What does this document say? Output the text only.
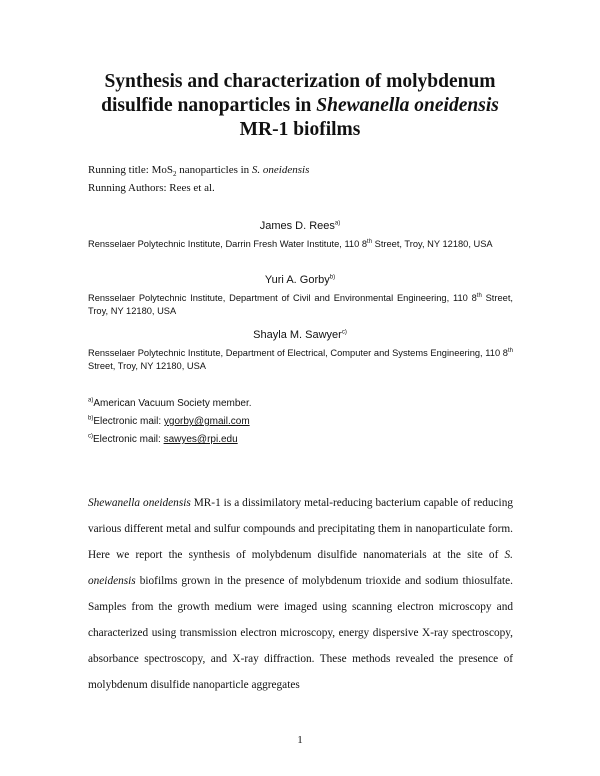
Synthesis and characterization of molybdenum
disulfide nanoparticles in Shewanella oneidensis
MR-1 biofilms
Running title: MoS$_2$ nanoparticles in S. oneidensis
Running Authors: Rees et al.
James D. Rees$^{a)}$
Rensselaer Polytechnic Institute, Darrin Fresh Water Institute, 110 8th Street, Troy, NY 12180, USA
Yuri A. Gorby$^{b)}$
Rensselaer Polytechnic Institute, Department of Civil and Environmental Engineering, 110 8th Street, Troy, NY 12180, USA
Shayla M. Sawyer$^{c)}$
Rensselaer Polytechnic Institute, Department of Electrical, Computer and Systems Engineering, 110 8th Street, Troy, NY 12180, USA
$^{a)}$American Vacuum Society member.
$^{b)}$Electronic mail: ygorby@gmail.com
$^{c)}$Electronic mail: sawyes@rpi.edu

Shewanella oneidensis MR-1 is a dissimilatory metal-reducing bacterium capable of reducing various different metal and sulfur compounds and precipitating them in nanoparticulate form. Here we report the synthesis of molybdenum disulfide nanomaterials at the site of S. oneidensis biofilms grown in the presence of molybdenum trioxide and sodium thiosulfate. Samples from the growth medium were imaged using scanning electron microscopy and characterized using transmission electron microscopy, energy dispersive X-ray spectroscopy, absorbance spectroscopy, and X-ray diffraction. These methods revealed the presence of molybdenum disulfide nanoparticle aggregates

1
